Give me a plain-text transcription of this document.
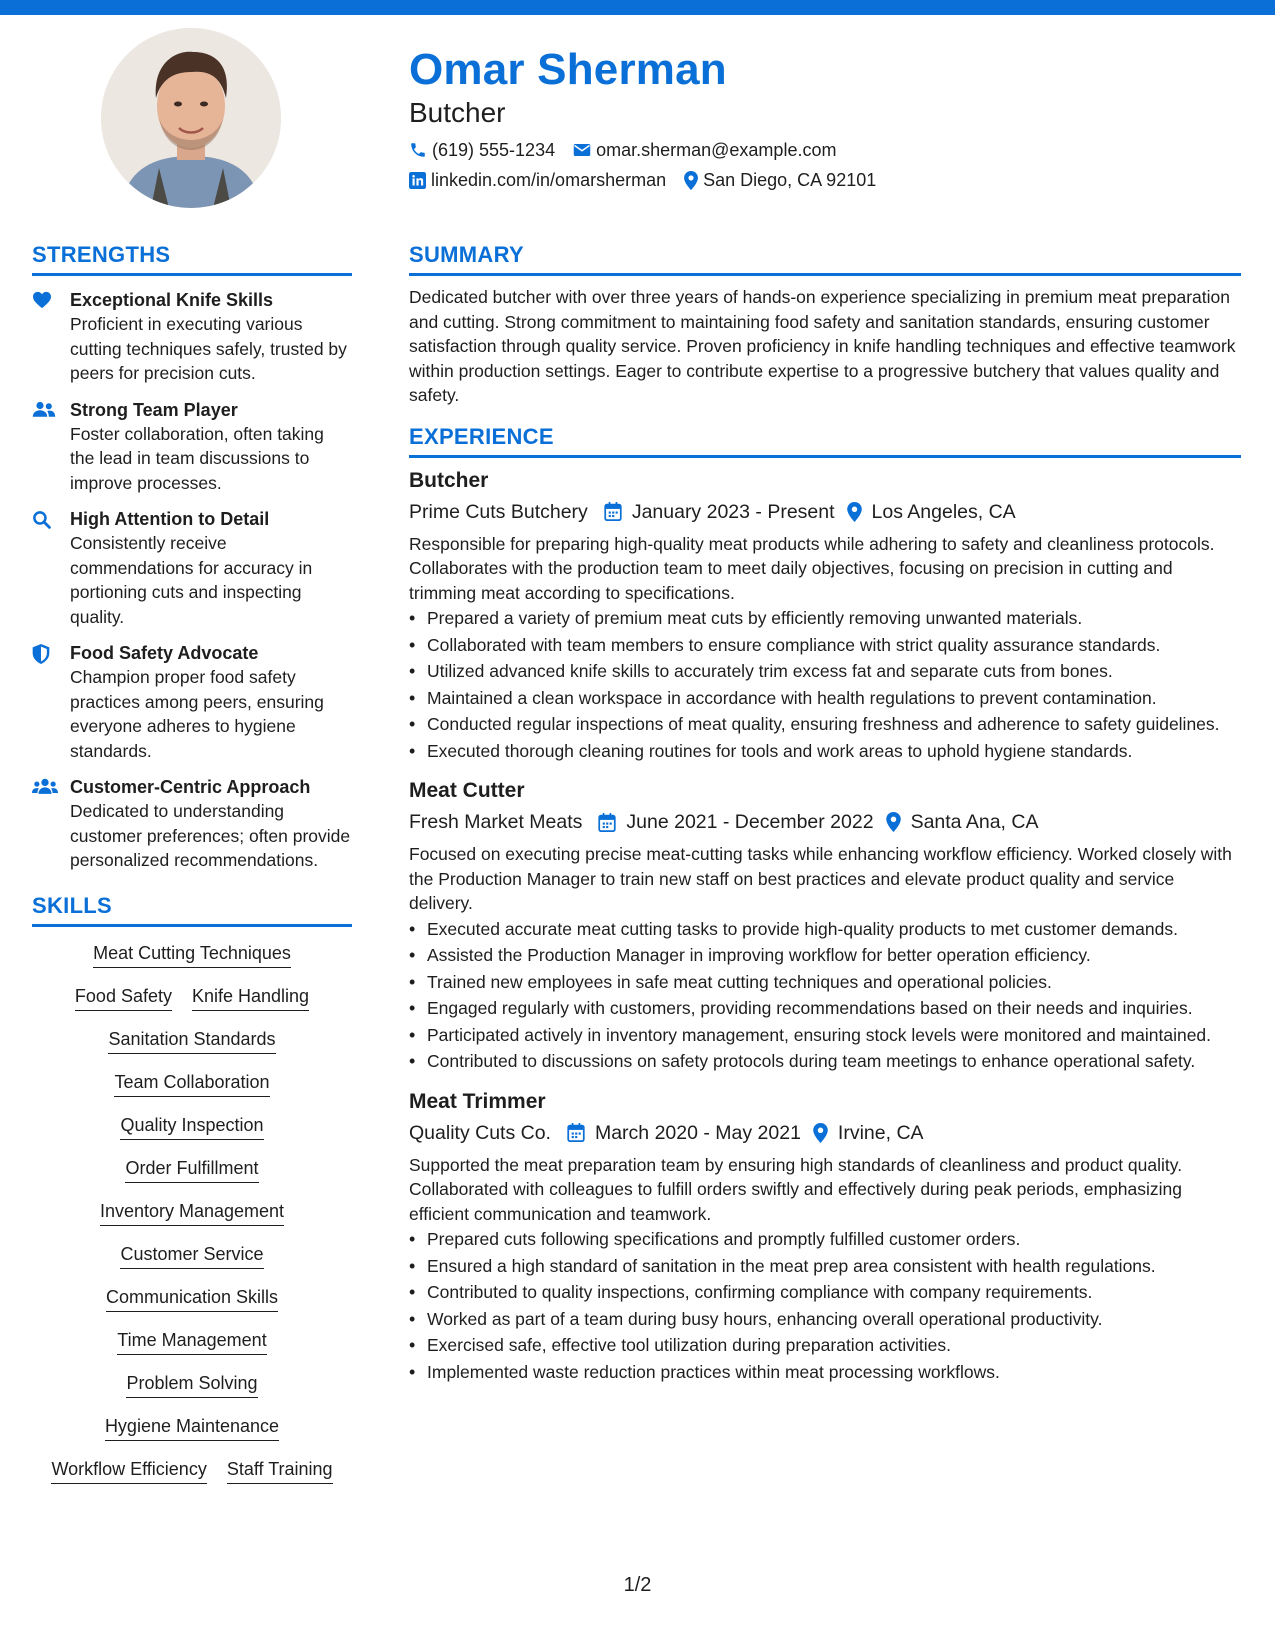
Omar Sherman
Butcher
(619) 555-1234 omar.sherman@example.com
linkedin.com/in/omarsherman San Diego, CA 92101
STRENGTHS
Exceptional Knife Skills
Proficient in executing various cutting techniques safely, trusted by peers for precision cuts.
Strong Team Player
Foster collaboration, often taking the lead in team discussions to improve processes.
High Attention to Detail
Consistently receive commendations for accuracy in portioning cuts and inspecting quality.
Food Safety Advocate
Champion proper food safety practices among peers, ensuring everyone adheres to hygiene standards.
Customer-Centric Approach
Dedicated to understanding customer preferences; often provide personalized recommendations.
SKILLS
Meat Cutting Techniques
Food Safety Knife Handling
Sanitation Standards
Team Collaboration
Quality Inspection
Order Fulfillment
Inventory Management
Customer Service
Communication Skills
Time Management
Problem Solving
Hygiene Maintenance
Workflow Efficiency Staff Training
SUMMARY
Dedicated butcher with over three years of hands-on experience specializing in premium meat preparation and cutting. Strong commitment to maintaining food safety and sanitation standards, ensuring customer satisfaction through quality service. Proven proficiency in knife handling techniques and effective teamwork within production settings. Eager to contribute expertise to a progressive butchery that values quality and safety.
EXPERIENCE
Butcher
Prime Cuts Butchery January 2023 - Present Los Angeles, CA
Responsible for preparing high-quality meat products while adhering to safety and cleanliness protocols. Collaborates with the production team to meet daily objectives, focusing on precision in cutting and trimming meat according to specifications.
• Prepared a variety of premium meat cuts by efficiently removing unwanted materials.
• Collaborated with team members to ensure compliance with strict quality assurance standards.
• Utilized advanced knife skills to accurately trim excess fat and separate cuts from bones.
• Maintained a clean workspace in accordance with health regulations to prevent contamination.
• Conducted regular inspections of meat quality, ensuring freshness and adherence to safety guidelines.
• Executed thorough cleaning routines for tools and work areas to uphold hygiene standards.
Meat Cutter
Fresh Market Meats June 2021 - December 2022 Santa Ana, CA
Focused on executing precise meat-cutting tasks while enhancing workflow efficiency. Worked closely with the Production Manager to train new staff on best practices and elevate product quality and service delivery.
• Executed accurate meat cutting tasks to provide high-quality products to met customer demands.
• Assisted the Production Manager in improving workflow for better operation efficiency.
• Trained new employees in safe meat cutting techniques and operational policies.
• Engaged regularly with customers, providing recommendations based on their needs and inquiries.
• Participated actively in inventory management, ensuring stock levels were monitored and maintained.
• Contributed to discussions on safety protocols during team meetings to enhance operational safety.
Meat Trimmer
Quality Cuts Co. March 2020 - May 2021 Irvine, CA
Supported the meat preparation team by ensuring high standards of cleanliness and product quality. Collaborated with colleagues to fulfill orders swiftly and effectively during peak periods, emphasizing efficient communication and teamwork.
• Prepared cuts following specifications and promptly fulfilled customer orders.
• Ensured a high standard of sanitation in the meat prep area consistent with health regulations.
• Contributed to quality inspections, confirming compliance with company requirements.
• Worked as part of a team during busy hours, enhancing overall operational productivity.
• Exercised safe, effective tool utilization during preparation activities.
• Implemented waste reduction practices within meat processing workflows.
1/2
